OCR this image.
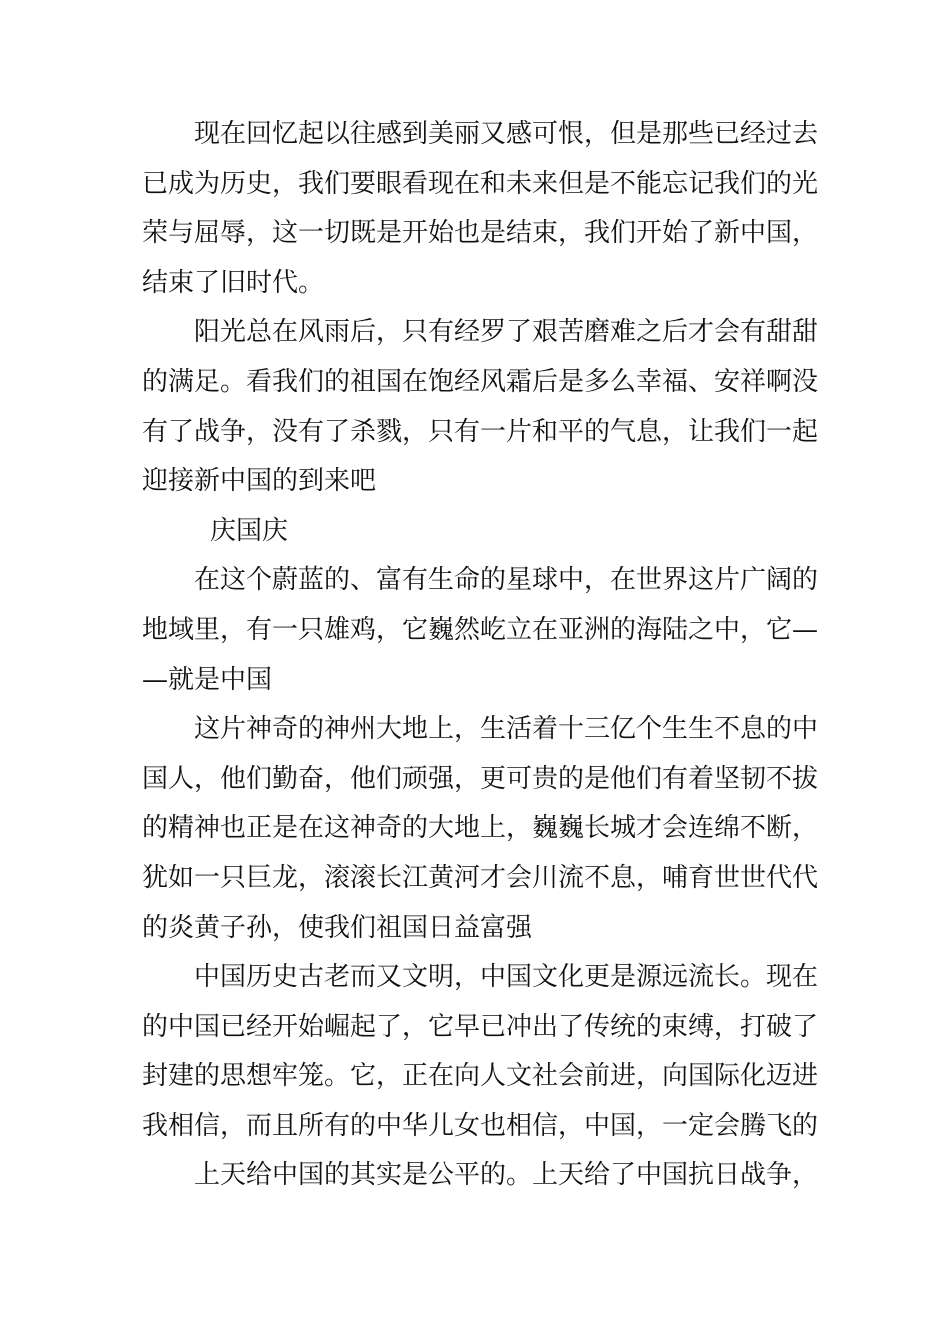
现在回忆起以往感到美丽又感可恨，但是那些已经过去
已成为历史，我们要眼看现在和未来但是不能忘记我们的光
荣与屈辱，这一切既是开始也是结束，我们开始了新中国，
结束了旧时代。
阳光总在风雨后，只有经罗了艰苦磨难之后才会有甜甜
的满足。看我们的祖国在饱经风霜后是多么幸福、安祥啊没
有了战争，没有了杀戮，只有一片和平的气息，让我们一起
迎接新中国的到来吧
庆国庆
在这个蔚蓝的、富有生命的星球中，在世界这片广阔的
地域里，有一只雄鸡，它巍然屹立在亚洲的海陆之中，它—
—就是中国
这片神奇的神州大地上，生活着十三亿个生生不息的中
国人，他们勤奋，他们顽强，更可贵的是他们有着坚韧不拔
的精神也正是在这神奇的大地上，巍巍长城才会连绵不断，
犹如一只巨龙，滚滚长江黄河才会川流不息，哺育世世代代
的炎黄子孙，使我们祖国日益富强
中国历史古老而又文明，中国文化更是源远流长。现在
的中国已经开始崛起了，它早已冲出了传统的束缚，打破了
封建的思想牢笼。它，正在向人文社会前进，向国际化迈进
我相信，而且所有的中华儿女也相信，中国，一定会腾飞的
上天给中国的其实是公平的。上天给了中国抗日战争，
